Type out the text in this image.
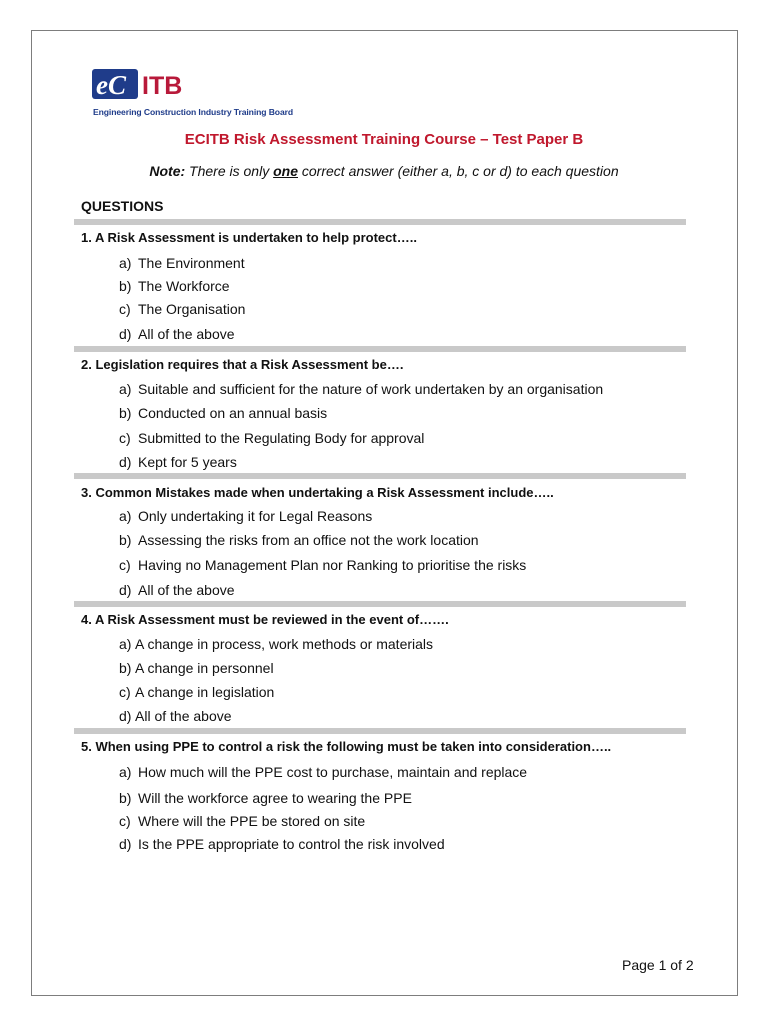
eC ITB
Engineering Construction Industry Training Board
ECITB Risk Assessment Training Course – Test Paper B
Note: There is only one correct answer (either a, b, c or d) to each question
QUESTIONS
1. A Risk Assessment is undertaken to help protect…..
a) The Environment
b) The Workforce
c) The Organisation
d) All of the above
2. Legislation requires that a Risk Assessment be….
a) Suitable and sufficient for the nature of work undertaken by an organisation
b) Conducted on an annual basis
c) Submitted to the Regulating Body for approval
d) Kept for 5 years
3. Common Mistakes made when undertaking a Risk Assessment include…..
a) Only undertaking it for Legal Reasons
b) Assessing the risks from an office not the work location
c) Having no Management Plan nor Ranking to prioritise the risks
d) All of the above
4. A Risk Assessment must be reviewed in the event of…….
a) A change in process, work methods or materials
b) A change in personnel
c) A change in legislation
d) All of the above
5. When using PPE to control a risk the following must be taken into consideration…..
a) How much will the PPE cost to purchase, maintain and replace
b) Will the workforce agree to wearing the PPE
c) Where will the PPE be stored on site
d) Is the PPE appropriate to control the risk involved
Page 1 of 2
